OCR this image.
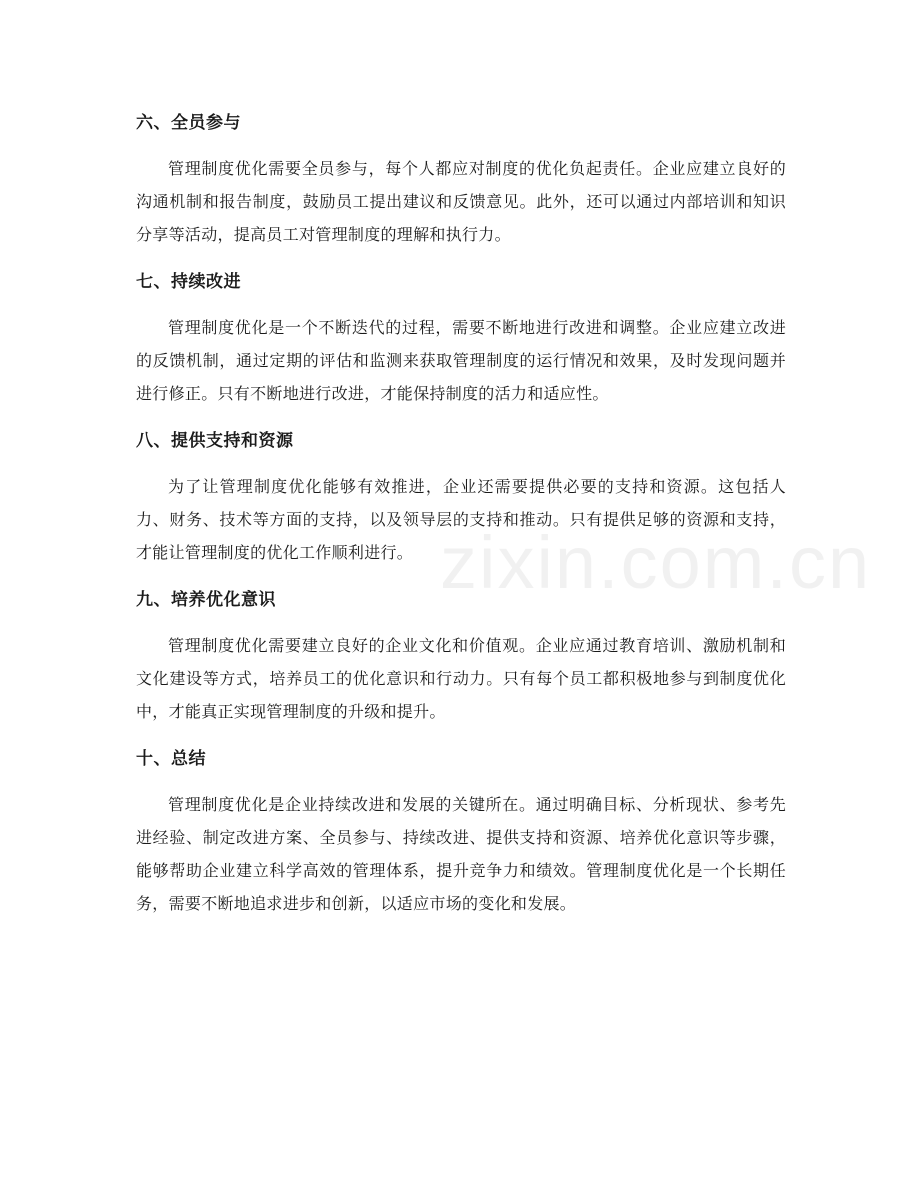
六、全员参与

管理制度优化需要全员参与，每个人都应对制度的优化负起责任。企业应建立良好的沟通机制和报告制度，鼓励员工提出建议和反馈意见。此外，还可以通过内部培训和知识分享等活动，提高员工对管理制度的理解和执行力。

七、持续改进

管理制度优化是一个不断迭代的过程，需要不断地进行改进和调整。企业应建立改进的反馈机制，通过定期的评估和监测来获取管理制度的运行情况和效果，及时发现问题并进行修正。只有不断地进行改进，才能保持制度的活力和适应性。

八、提供支持和资源

为了让管理制度优化能够有效推进，企业还需要提供必要的支持和资源。这包括人力、财务、技术等方面的支持，以及领导层的支持和推动。只有提供足够的资源和支持，才能让管理制度的优化工作顺利进行。

九、培养优化意识

管理制度优化需要建立良好的企业文化和价值观。企业应通过教育培训、激励机制和文化建设等方式，培养员工的优化意识和行动力。只有每个员工都积极地参与到制度优化中，才能真正实现管理制度的升级和提升。

十、总结

管理制度优化是企业持续改进和发展的关键所在。通过明确目标、分析现状、参考先进经验、制定改进方案、全员参与、持续改进、提供支持和资源、培养优化意识等步骤，能够帮助企业建立科学高效的管理体系，提升竞争力和绩效。管理制度优化是一个长期任务，需要不断地追求进步和创新，以适应市场的变化和发展。

zixin.com.cn
